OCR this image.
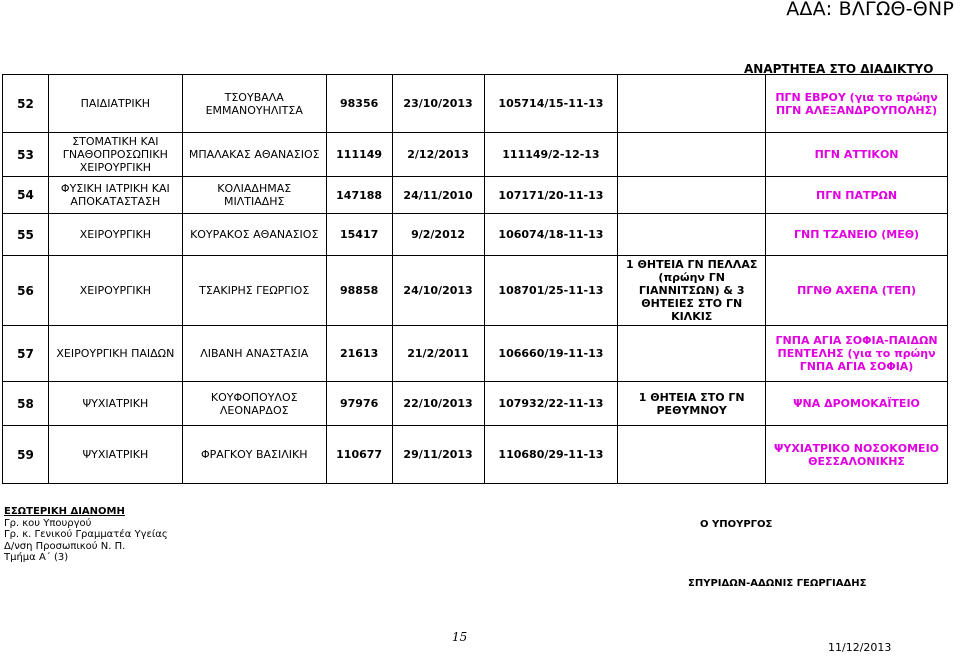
ΑΔΑ: ΒΛΓΩΘ-ΘΝΡ
ΑΝΑΡΤΗΤΕΑ ΣΤΟ ΔΙΑΔΙΚΤΥΟ
52	ΠΑΙΔΙΑΤΡΙΚΗ	ΤΣΟΥΒΑΛΑ ΕΜΜΑΝΟΥΗΛΙΤΣΑ	98356	23/10/2013	105714/15-11-13		ΠΓΝ ΕΒΡΟΥ (για το πρώην ΠΓΝ ΑΛΕΞΑΝΔΡΟΥΠΟΛΗΣ)
53	ΣΤΟΜΑΤΙΚΗ ΚΑΙ ΓΝΑΘΟΠΡΟΣΩΠΙΚΗ ΧΕΙΡΟΥΡΓΙΚΗ	ΜΠΑΛΑΚΑΣ ΑΘΑΝΑΣΙΟΣ	111149	2/12/2013	111149/2-12-13		ΠΓΝ ΑΤΤΙΚΟΝ
54	ΦΥΣΙΚΗ ΙΑΤΡΙΚΗ ΚΑΙ ΑΠΟΚΑΤΑΣΤΑΣΗ	ΚΟΛΙΑΔΗΜΑΣ ΜΙΛΤΙΑΔΗΣ	147188	24/11/2010	107171/20-11-13		ΠΓΝ ΠΑΤΡΩΝ
55	ΧΕΙΡΟΥΡΓΙΚΗ	ΚΟΥΡΑΚΟΣ ΑΘΑΝΑΣΙΟΣ	15417	9/2/2012	106074/18-11-13		ΓΝΠ ΤΖΑΝΕΙΟ (ΜΕΘ)
56	ΧΕΙΡΟΥΡΓΙΚΗ	ΤΣΑΚΙΡΗΣ ΓΕΩΡΓΙΟΣ	98858	24/10/2013	108701/25-11-13	1 ΘΗΤΕΙΑ ΓΝ ΠΕΛΛΑΣ (πρώην ΓΝ ΓΙΑΝΝΙΤΣΩΝ) & 3 ΘΗΤΕΙΕΣ ΣΤΟ ΓΝ ΚΙΛΚΙΣ	ΠΓΝΘ ΑΧΕΠΑ (ΤΕΠ)
57	ΧΕΙΡΟΥΡΓΙΚΗ ΠΑΙΔΩΝ	ΛΙΒΑΝΗ ΑΝΑΣΤΑΣΙΑ	21613	21/2/2011	106660/19-11-13		ΓΝΠΑ ΑΓΙΑ ΣΟΦΙΑ-ΠΑΙΔΩΝ ΠΕΝΤΕΛΗΣ (για το πρώην ΓΝΠΑ ΑΓΙΑ ΣΟΦΙΑ)
58	ΨΥΧΙΑΤΡΙΚΗ	ΚΟΥΦΟΠΟΥΛΟΣ ΛΕΟΝΑΡΔΟΣ	97976	22/10/2013	107932/22-11-13	1 ΘΗΤΕΙΑ ΣΤΟ ΓΝ ΡΕΘΥΜΝΟΥ	ΨΝΑ ΔΡΟΜΟΚΑΪΤΕΙΟ
59	ΨΥΧΙΑΤΡΙΚΗ	ΦΡΑΓΚΟΥ ΒΑΣΙΛΙΚΗ	110677	29/11/2013	110680/29-11-13		ΨΥΧΙΑΤΡΙΚΟ ΝΟΣΟΚΟΜΕΙΟ ΘΕΣΣΑΛΟΝΙΚΗΣ
ΕΣΩΤΕΡΙΚΗ ΔΙΑΝΟΜΗ
Γρ. κου Υπουργού
Γρ. κ. Γενικού Γραμματέα Υγείας
Δ/νση Προσωπικού Ν. Π.
Τμήμα Α΄ (3)
Ο ΥΠΟΥΡΓΟΣ
ΣΠΥΡΙΔΩΝ-ΑΔΩΝΙΣ ΓΕΩΡΓΙΑΔΗΣ
15
11/12/2013
